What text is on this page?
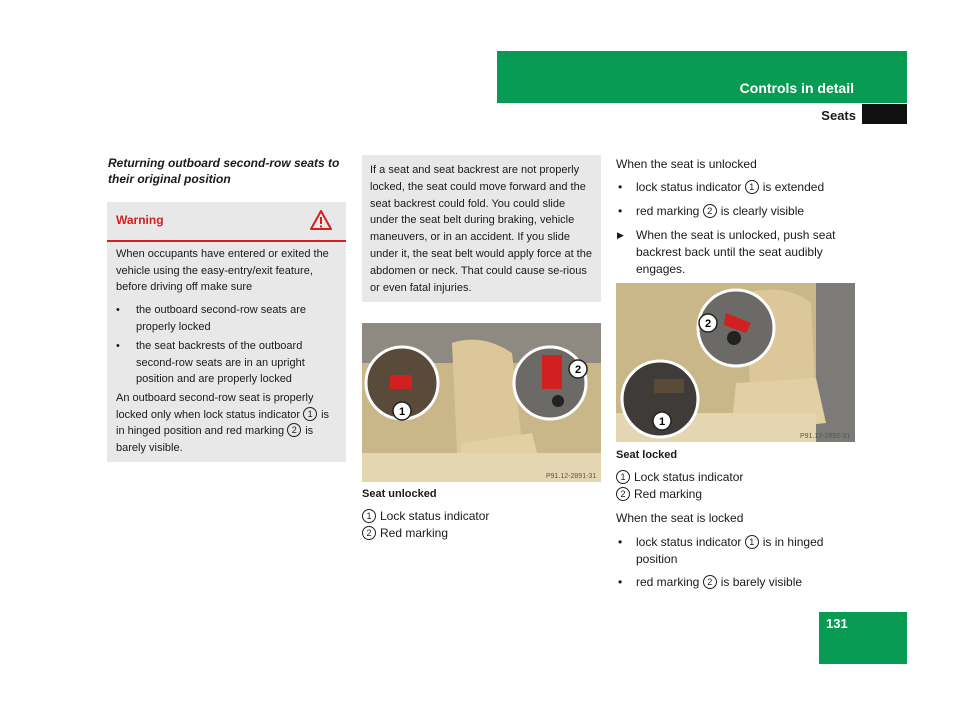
Controls in detail
Seats
Returning outboard second-row seats to their original position
Warning
When occupants have entered or exited the vehicle using the easy-entry/exit feature, before driving off make sure
•	the outboard second-row seats are properly locked
•	the seat backrests of the outboard second-row seats are in an upright position and are properly locked
An outboard second-row seat is properly locked only when lock status indicator 1 is in hinged position and red marking 2 is barely visible.
If a seat and seat backrest are not properly locked, the seat could move forward and the seat backrest could fold. You could slide under the seat belt during braking, vehicle maneuvers, or in an accident. If you slide under it, the seat belt would apply force at the abdomen or neck. That could cause se-rious or even fatal injuries.
1
2
P91.12-2891-31
Seat unlocked
1 Lock status indicator
2 Red marking
When the seat is unlocked
• lock status indicator 1 is extended
• red marking 2 is clearly visible
▶ When the seat is unlocked, push seat backrest back until the seat audibly engages.
2
1
P91.12-2892-31
Seat locked
1 Lock status indicator
2 Red marking
When the seat is locked
• lock status indicator 1 is in hinged position
• red marking 2 is barely visible
131
